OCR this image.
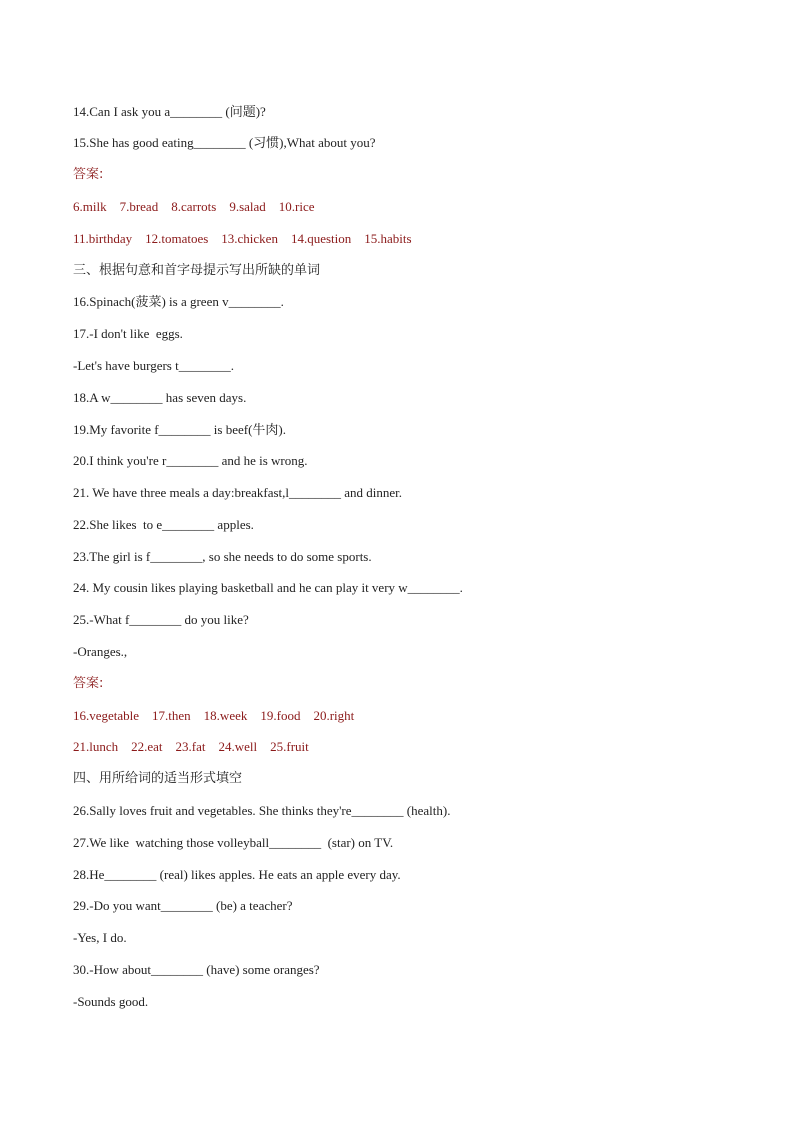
14.Can I ask you a________ (问题)?
15.She has good eating________ (习惯),What about you?
答案:
6.milk    7.bread    8.carrots    9.salad    10.rice
11.birthday    12.tomatoes    13.chicken    14.question    15.habits
三、根据句意和首字母提示写出所缺的单词
16.Spinach(菠菜) is a green v________.
17.-I don't like  eggs.
-Let's have burgers t________.
18.A w________ has seven days.
19.My favorite f________ is beef(牛肉).
20.I think you're r________ and he is wrong.
21. We have three meals a day:breakfast,l________ and dinner.
22.She likes  to e________ apples.
23.The girl is f________, so she needs to do some sports.
24. My cousin likes playing basketball and he can play it very w________.
25.-What f________ do you like?
-Oranges.,
答案:
16.vegetable    17.then    18.week    19.food    20.right
21.lunch    22.eat    23.fat    24.well    25.fruit
四、用所给词的适当形式填空
26.Sally loves fruit and vegetables. She thinks they're________ (health).
27.We like  watching those volleyball________  (star) on TV.
28.He________ (real) likes apples. He eats an apple every day.
29.-Do you want________ (be) a teacher?
-Yes, I do.
30.-How about________ (have) some oranges?
-Sounds good.
